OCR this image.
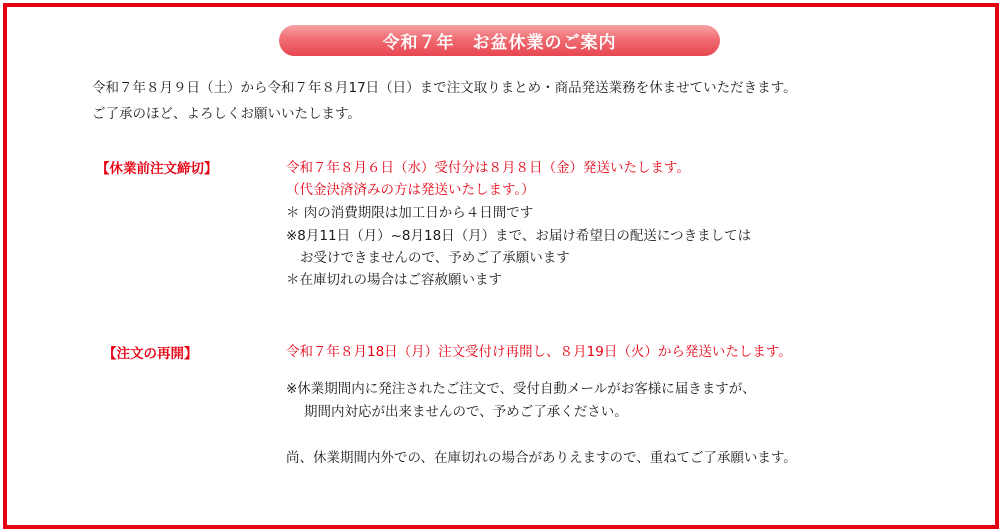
令和７年　お盆休業のご案内
令和７年８月９日（土）から令和７年８月17日（日）まで注文取りまとめ・商品発送業務を休ませていただきます。
ご了承のほど、よろしくお願いいたします。
【休業前注文締切】	令和７年８月６日（水）受付分は８月８日（金）発送いたします。
（代金決済済みの方は発送いたします。）
＊ 肉の消費期限は加工日から４日間です
※8月11日（月）~8月18日（月）まで、お届け希望日の配送につきましては
お受けできませんので、予めご了承願います
＊在庫切れの場合はご容赦願います
【注文の再開】	令和７年８月18日（月）注文受付け再開し、８月19日（火）から発送いたします。
※休業期間内に発注されたご注文で、受付自動メールがお客様に届きますが、
期間内対応が出来ませんので、予めご了承ください。
尚、休業期間内外での、在庫切れの場合がありえますので、重ねてご了承願います。
